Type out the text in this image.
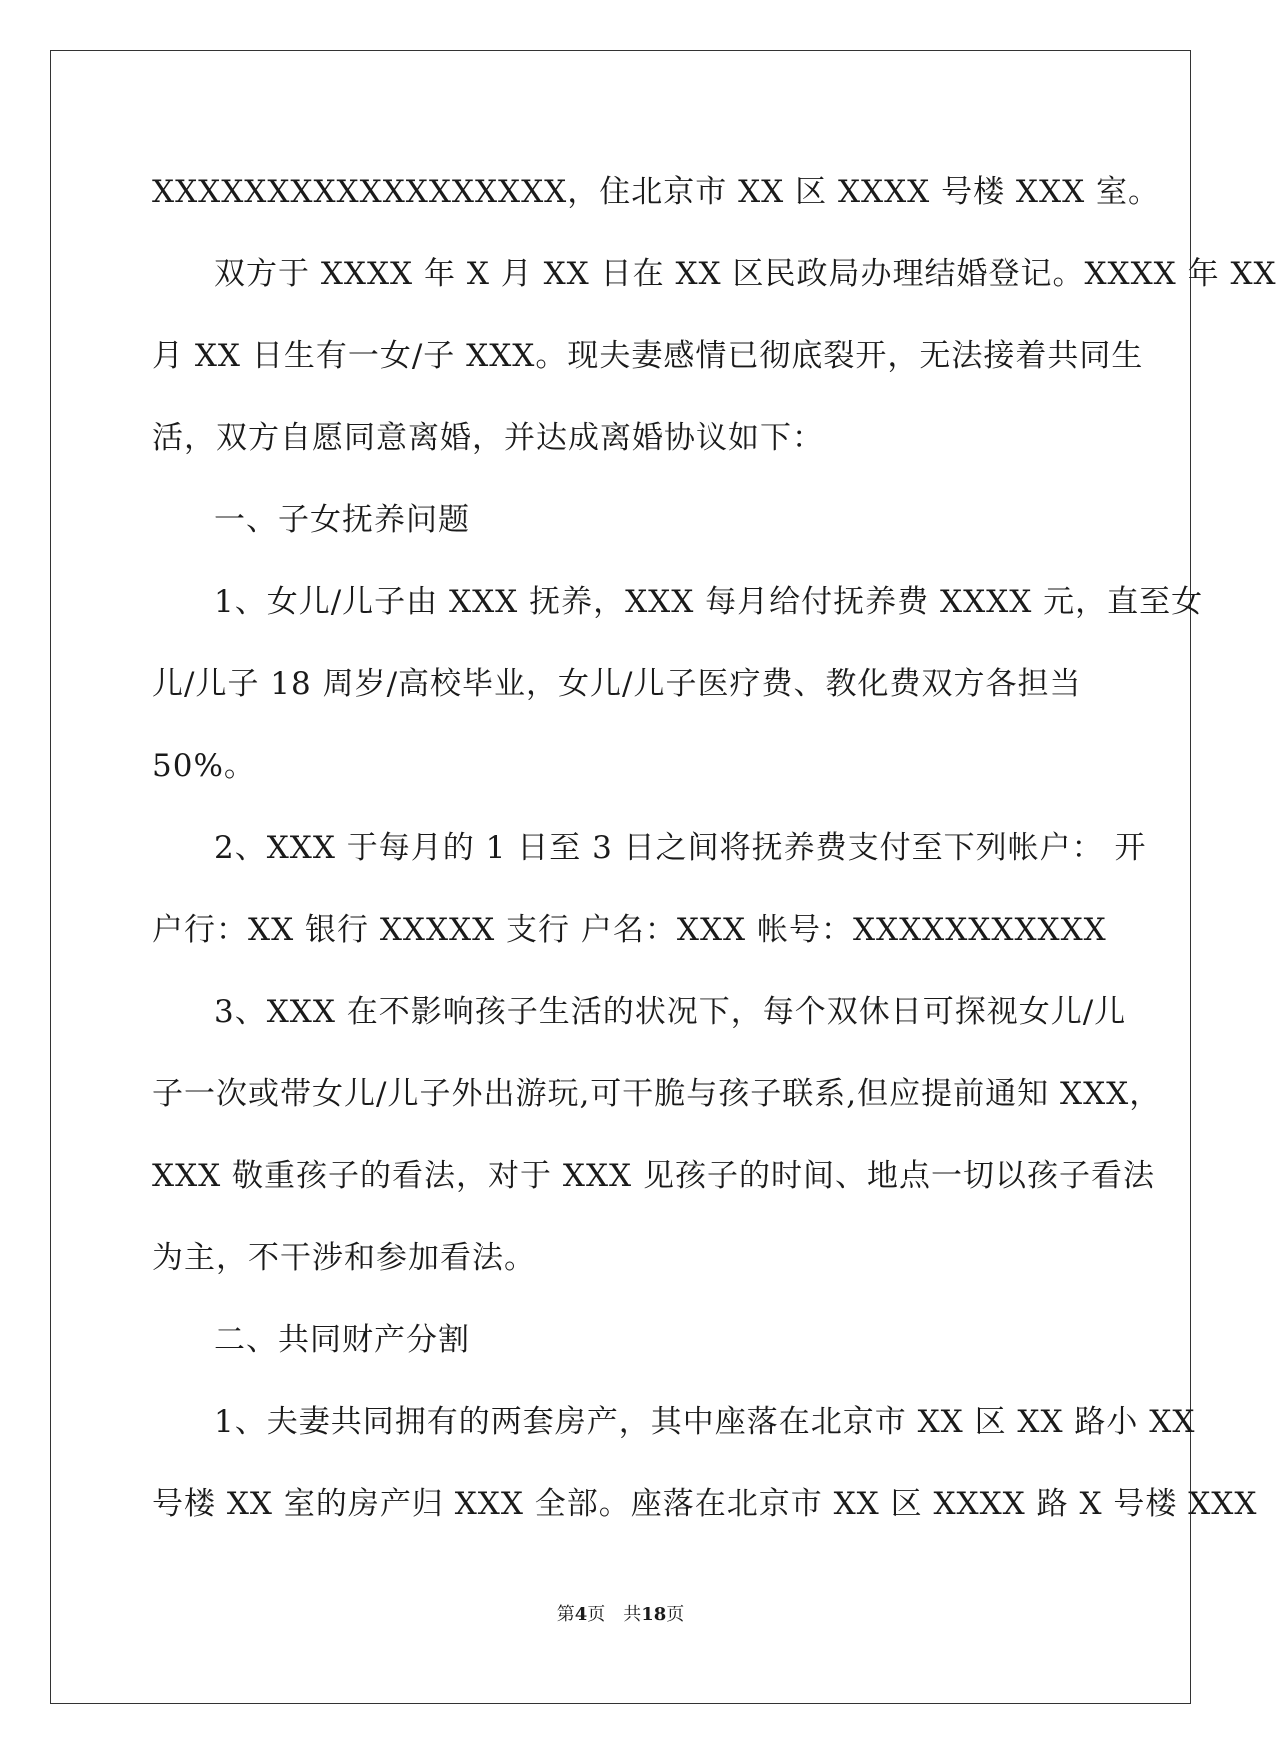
XXXXXXXXXXXXXXXXXX，住北京市 XX 区 XXXX 号楼 XXX 室。
双方于 XXXX 年 X 月 XX 日在 XX 区民政局办理结婚登记。XXXX 年 XX
月 XX 日生有一女/子 XXX。现夫妻感情已彻底裂开，无法接着共同生
活，双方自愿同意离婚，并达成离婚协议如下：
一、子女抚养问题
1、女儿/儿子由 XXX 抚养，XXX 每月给付抚养费 XXXX 元，直至女
儿/儿子 18 周岁/高校毕业，女儿/儿子医疗费、教化费双方各担当
50%。
2、XXX 于每月的 1 日至 3 日之间将抚养费支付至下列帐户： 开
户行：XX 银行 XXXXX 支行 户名：XXX 帐号：XXXXXXXXXXX
3、XXX 在不影响孩子生活的状况下，每个双休日可探视女儿/儿
子一次或带女儿/儿子外出游玩,可干脆与孩子联系,但应提前通知 XXX，
XXX 敬重孩子的看法，对于 XXX 见孩子的时间、地点一切以孩子看法
为主，不干涉和参加看法。
二、共同财产分割
1、夫妻共同拥有的两套房产，其中座落在北京市 XX 区 XX 路小 XX
号楼 XX 室的房产归 XXX 全部。座落在北京市 XX 区 XXXX 路 X 号楼 XXX
第4页 共18页
